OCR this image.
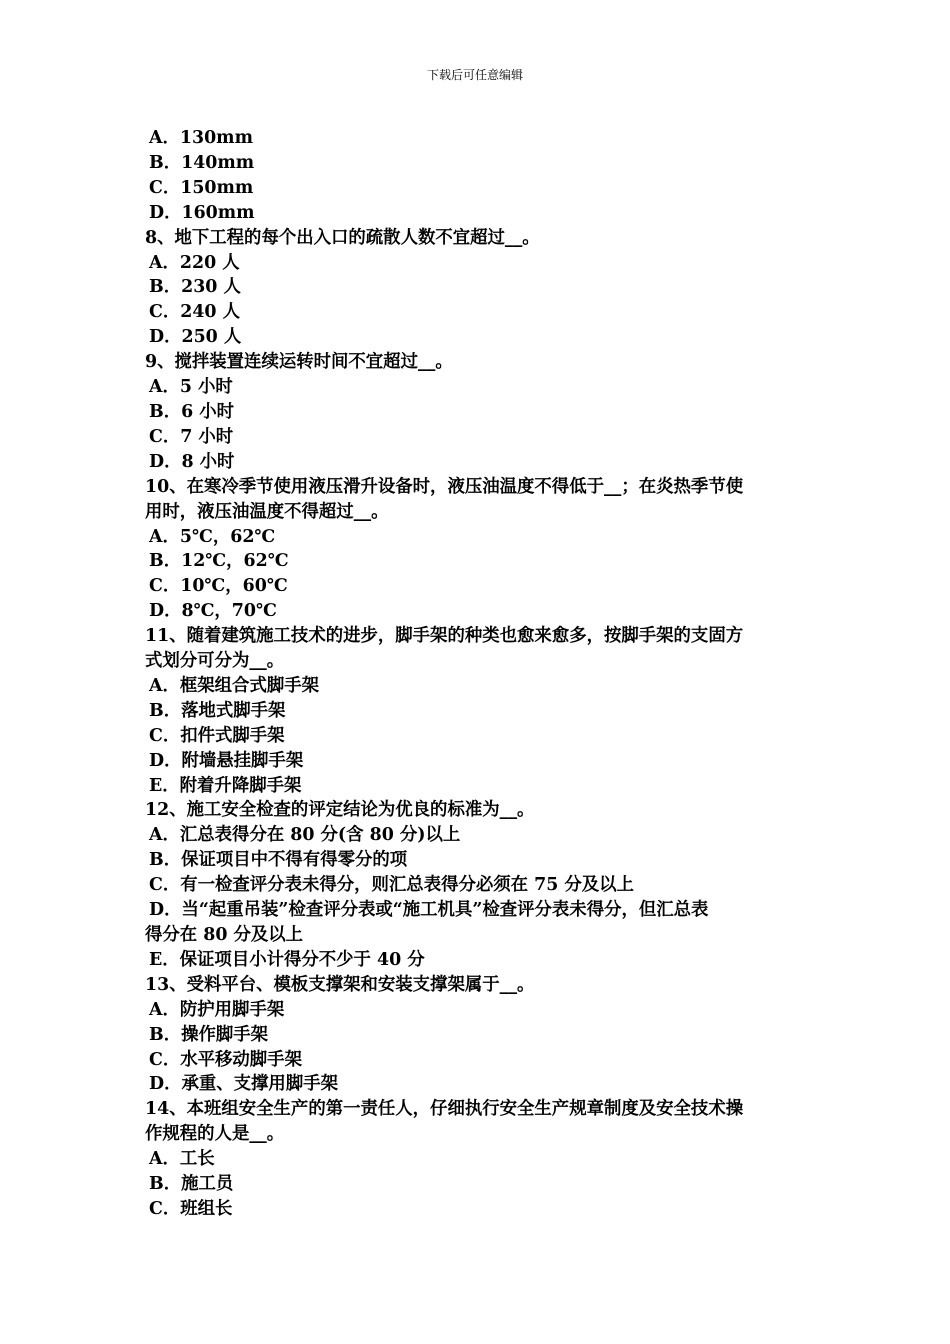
下载后可任意编辑
A．130mm
B．140mm
C．150mm
D．160mm
8、地下工程的每个出入口的疏散人数不宜超过__。
A．220 人
B．230 人
C．240 人
D．250 人
9、搅拌装置连续运转时间不宜超过__。
A．5 小时
B．6 小时
C．7 小时
D．8 小时
10、在寒冷季节使用液压滑升设备时，液压油温度不得低于__；在炎热季节使
用时，液压油温度不得超过__。
A．5℃，62℃
B．12℃，62℃
C．10℃，60℃
D．8℃，70℃
11、随着建筑施工技术的进步，脚手架的种类也愈来愈多，按脚手架的支固方
式划分可分为__。
A．框架组合式脚手架
B．落地式脚手架
C．扣件式脚手架
D．附墙悬挂脚手架
E．附着升降脚手架
12、施工安全检查的评定结论为优良的标准为__。
A．汇总表得分在 80 分(含 80 分)以上
B．保证项目中不得有得零分的项
C．有一检查评分表未得分，则汇总表得分必须在 75 分及以上
D．当“起重吊装”检查评分表或“施工机具”检查评分表未得分，但汇总表
得分在 80 分及以上
E．保证项目小计得分不少于 40 分
13、受料平台、模板支撑架和安装支撑架属于__。
A．防护用脚手架
B．操作脚手架
C．水平移动脚手架
D．承重、支撑用脚手架
14、本班组安全生产的第一责任人，仔细执行安全生产规章制度及安全技术操
作规程的人是__。
A．工长
B．施工员
C．班组长
